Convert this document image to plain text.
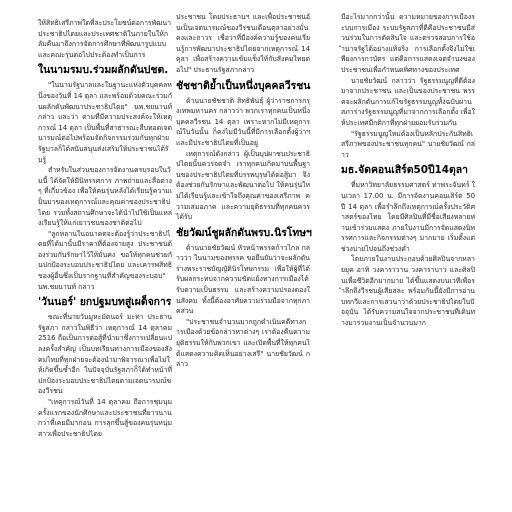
ให้สิทธิเสรีภาพใดที่ละประโยชน์ต่อการพัฒนาประชาธิปไตยและประเทศชาติในภายในให้กลับคืนมาถึงการจัดการศึกษาที่พัฒนารูปแบบ และคณะรุ่นต่อไปประต้องทำเป็นการ

ในนามรมบ.ร่วมผลักดันปชต.

"ในนามรัฐบาลและในฐานะแห่งตัวบุคคลหนึ่งของวันที่ 14 ตุลา และพร้อมด้วยคณะร่วมกันผลักดันพัฒนาประชาธิปไตย" นพ.ชยนานท์ กล่าว และว่า ตามที่มีความประสงค์จะให้เหตุการณ์ 14 ตุลา เป็นพื้นที่สาธารณะสืบทอดเจตนารมณ์ต่อไปพร้อมจัดกิจกรรมร่วมกันทุกฝ่าย รัฐบาลก็ได้สนับสนุนส่งเสริมให้ประชาชนได้รับรู้

สำหรับในส่วนของการจัดงานครบรอบในวันนี้ ได้จัดให้มีนิทรรศการ ภาพถ่ายและสื่อต่างๆ ที่เกี่ยวข้อง เพื่อให้คนรุ่นหลังได้เรียนรู้ความเป็นมาของเหตุการณ์และคุณค่าของประชาธิปไตย รวมทั้งสถานศึกษาจะได้นำไปใช้เป็นแหล่งเรียนรู้ให้แก่เยาวชนของชาติต่อไป

"ลูกหลานในอนาคตจะต้องรู้ว่าประชาธิปไตยที่ได้มานั้นมีราคาที่ต้องจ่ายสูง ประชาชนต้องร่วมกันรักษาไว้ให้มั่นคง ขอให้ทุกคนช่วยกันปกป้องระบอบประชาธิปไตย และเคารพสิทธิของผู้อื่นซึ่งเป็นรากฐานที่สำคัญของระบอบ" นพ.ชยนานท์ กล่าว

'วันนอร์' ยกปฐมบทสู่เผด็จการ

ขณะที่นายวันมูหะมัดนอร์ มะทา ประธานรัฐสภา กล่าวในพิธีว่า เหตุการณ์ 14 ตุลาคม 2516 ถือเป็นการต่อสู้ที่นำมาซึ่งการเปลี่ยนแปลงครั้งสำคัญ เป็นบทเรียนทางการเมืองของสังคมไทยที่ทุกฝ่ายจะต้องนำมาพิจารณาเพื่อไม่ให้เกิดขึ้นซ้ำอีก ในปัจจุบันรัฐสภาก็ได้ทำหน้าที่ปกป้องระบอบประชาธิปไตยตามเจตนารมณ์ของวีรชน

"เหตุการณ์วันที่ 14 ตุลาคม ถือการชุมนุมครั้งแรกของนักศึกษาและประชาชนที่ยาวนานกว่าที่เคยมีมาก่อน การลุกขึ้นสู้ของคนรุ่นหนุ่มสาวเพื่อประชาธิปไตย

ประชาชน โดยประธานฯ และเพื่อประชาชนอันเป็นเจตนารมณ์ของวีรชนเดือนตุลาอย่างมั่นคงและถาวร เชื่อว่าที่มีองค์ความรู้ของคนเรียนรู้การพัฒนาประชาธิปไตยจากเหตุการณ์ 14 ตุลา เพื่อสร้างความเข้มแข็งให้กับสังคมไทยต่อไป" ประธานรัฐสภากล่าว

ชัชชาติย้ำเป็นหนึ่งบุคคลวีรชน

ด้านนายชัชชาติ สิทธิพันธุ์ ผู้ว่าราชการกรุงเทพมหานคร กล่าวว่า พวกเราทุกคนเป็นหนึ่งบุคคลวีรชน 14 ตุลา เพราะหากไม่มีเหตุการณ์ในวันนั้น ก็คงไม่มีวันนี้ที่มีการเลือกตั้งผู้ว่าฯ และมีประชาธิปไตยที่เป็นอยู่

เหตุการณ์ดังกล่าว ผู้เป็นบุปผาชนประชาธิปไตยนั้นควรจดจำ เราทุกคนเกิดมาบนพื้นฐานของประชาธิปไตยที่บรรพบุรุษได้ต่อสู้มา จึงต้องช่วยกันรักษาและพัฒนาต่อไป ให้คนรุ่นใหม่ได้เรียนรู้และเข้าใจถึงคุณค่าของเสรีภาพ ความเสมอภาค และความยุติธรรมที่ทุกคนควรได้รับ

ชัยวัฒน์ชูผลักดันพรบ.นิรโทษฯ

ด้านนายชัยวัฒน์ หัวหน้าพรรคก้าวไกล กล่าวว่า ในนามของพรรค ขอยืนยันว่าจะผลักดันร่างพระราชบัญญัตินิรโทษกรรม เพื่อให้ผู้ที่ได้รับผลกระทบจากความขัดแย้งทางการเมืองได้รับความเป็นธรรม และสร้างความปรองดองในสังคม ทั้งนี้ต้องอาศัยความร่วมมือจากทุกภาคส่วน

"ประชาชนจำนวนมากถูกดำเนินคดีทางการเมืองด้วยข้อกล่าวหาต่างๆ เราต้องคืนความยุติธรรมให้กับพวกเขา และเปิดพื้นที่ให้ทุกคนได้แสดงความคิดเห็นอย่างเสรี" นายชัยวัฒน์ กล่าว

มีอะไรมากกว่านั้น ความหมายของการเมืองระบบการเมือง ระบบรัฐสภาที่ดีคือประชาชนมีส่วนร่วมในการตัดสินใจ และตรวจสอบการใช้อำนาจรัฐได้อย่างแท้จริง การเลือกตั้งจึงไม่ใช่เพียงการกาบัตร แต่คือการแสดงเจตจำนงของประชาชนเพื่อกำหนดทิศทางของประเทศ

นายชัยวัฒน์ กล่าวว่า รัฐธรรมนูญที่ดีต้องมาจากประชาชน และเป็นของประชาชน พรรคจะผลักดันการแก้ไขรัฐธรรมนูญทั้งฉบับผ่านสภาร่างรัฐธรรมนูญที่มาจากการเลือกตั้ง เพื่อให้ประเทศมีกติกาที่ทุกฝ่ายยอมรับร่วมกัน

"รัฐธรรมนูญใหม่ต้องเป็นหลักประกันสิทธิเสรีภาพของประชาชนทุกคน" นายชัยวัฒน์ กล่าว

มธ.จัดคอนเสิร์ต50ปี14ตุลา

ที่มหาวิทยาลัยธรรมศาสตร์ ท่าพระจันทร์ ในเวลา 17.00 น. มีการจัดงานคอนเสิร์ต 50 ปี 14 ตุลา เพื่อรำลึกถึงเหตุการณ์ครั้งประวัติศาสตร์ของไทย โดยมีศิลปินที่มีชื่อเสียงหลายท่านเข้าร่วมแสดง ภายในงานมีการจัดแสดงนิทรรศการและกิจกรรมต่างๆ มากมาย เริ่มตั้งแต่ช่วงบ่ายไปจนถึงช่วงค่ำ

โดยภายในงานประกอบด้วยศิลปินจากหลายยุค อาทิ วงคาราวาน วงคาราบาว และศิลปินเพื่อชีวิตอีกมากมาย ได้ขึ้นแสดงบนเวทีเพื่อรำลึกถึงวีรชนผู้เสียสละ พร้อมกันนี้ยังมีการอ่านบทกวีและการเสวนาว่าด้วยประชาธิปไตยในปัจจุบัน ได้รับความสนใจจากประชาชนที่เดินทางมาร่วมงานเป็นจำนวนมาก
